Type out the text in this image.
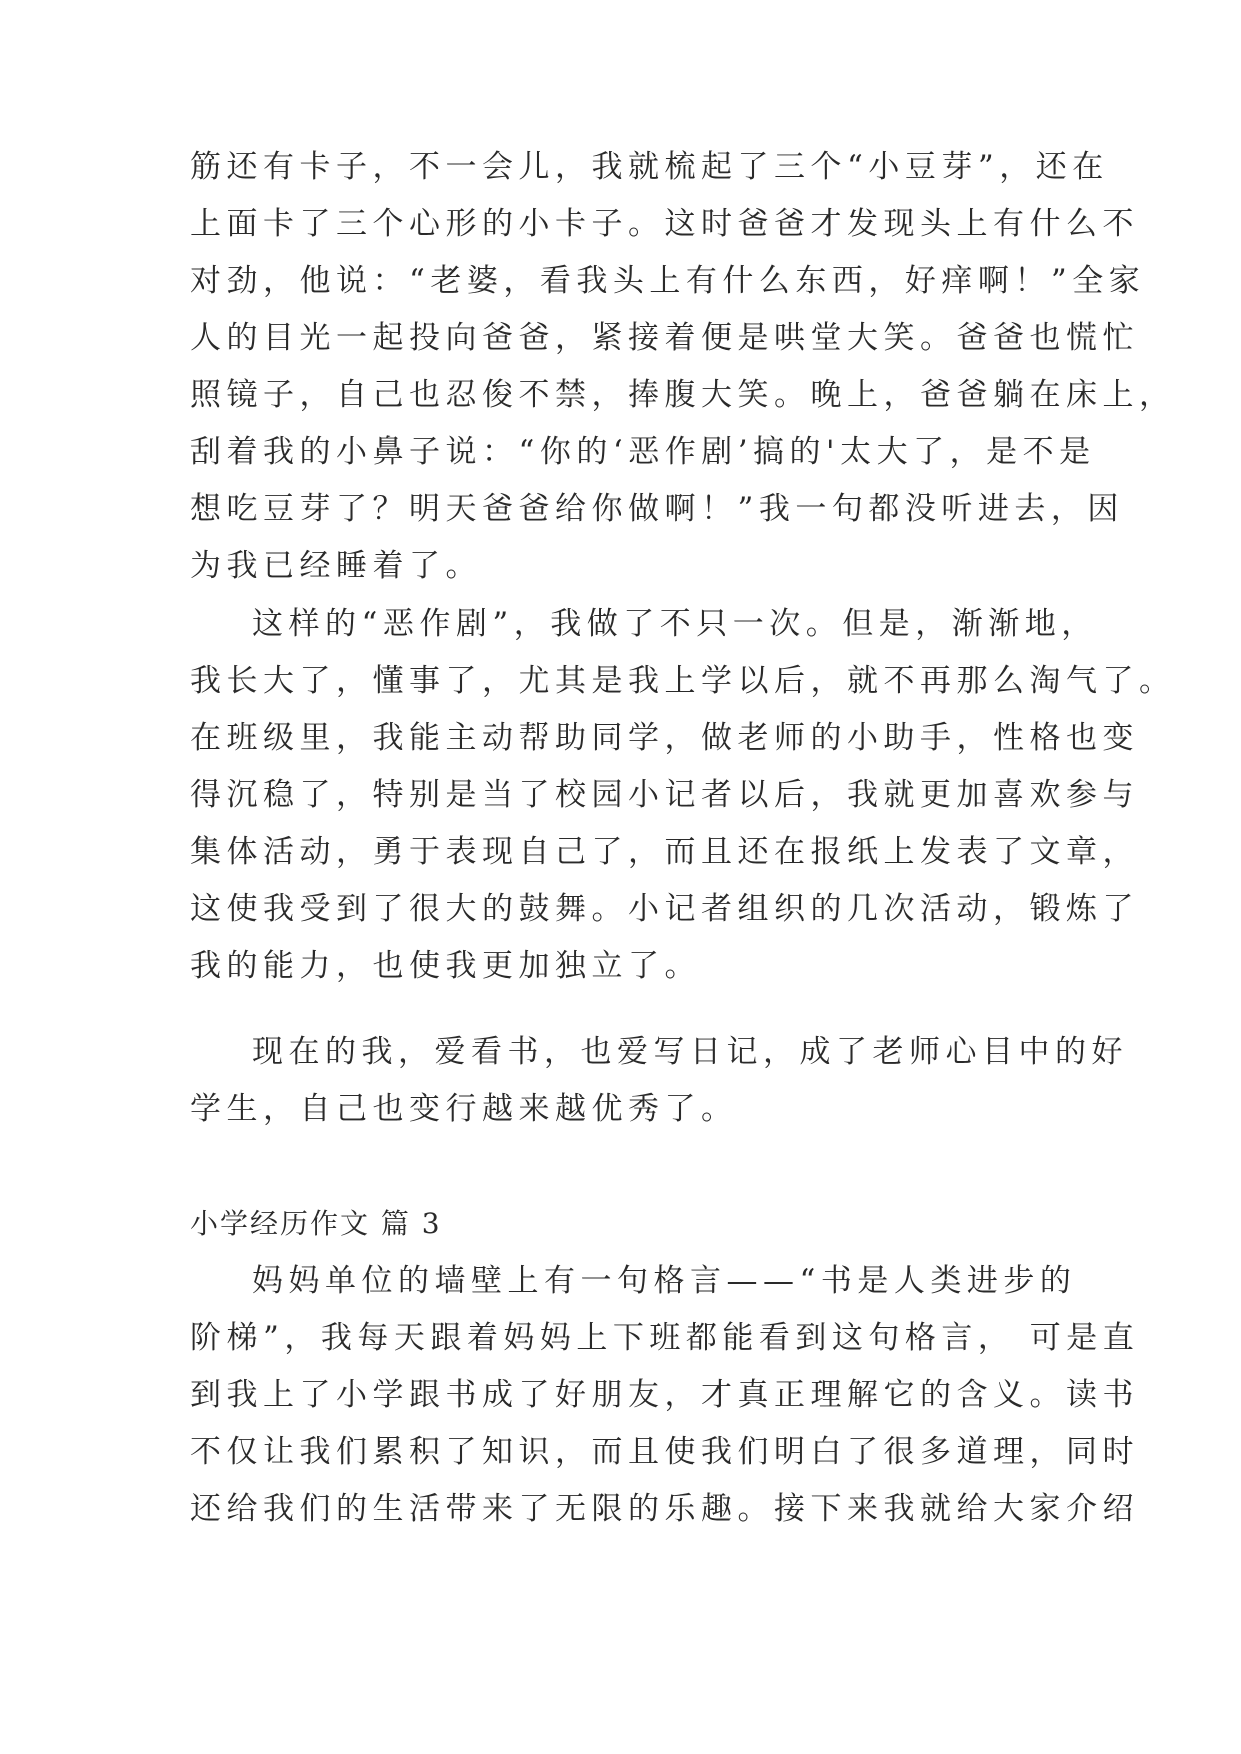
筋还有卡子，不一会儿，我就梳起了三个“小豆芽”，还在
上面卡了三个心形的小卡子。这时爸爸才发现头上有什么不
对劲，他说：“老婆，看我头上有什么东西，好痒啊！”全家
人的目光一起投向爸爸，紧接着便是哄堂大笑。爸爸也慌忙
照镜子，自己也忍俊不禁，捧腹大笑。晚上，爸爸躺在床上，
刮着我的小鼻子说：“你的‘恶作剧’搞的'太大了，是不是
想吃豆芽了？明天爸爸给你做啊！”我一句都没听进去，因
为我已经睡着了。
这样的“恶作剧”，我做了不只一次。但是，渐渐地，
我长大了，懂事了，尤其是我上学以后，就不再那么淘气了。
在班级里，我能主动帮助同学，做老师的小助手，性格也变
得沉稳了，特别是当了校园小记者以后，我就更加喜欢参与
集体活动，勇于表现自己了，而且还在报纸上发表了文章，
这使我受到了很大的鼓舞。小记者组织的几次活动，锻炼了
我的能力，也使我更加独立了。
现在的我，爱看书，也爱写日记，成了老师心目中的好
学生，自己也变行越来越优秀了。
小学经历作文 篇 3
妈妈单位的墙壁上有一句格言——“书是人类进步的
阶梯”，我每天跟着妈妈上下班都能看到这句格言， 可是直
到我上了小学跟书成了好朋友，才真正理解它的含义。读书
不仅让我们累积了知识，而且使我们明白了很多道理，同时
还给我们的生活带来了无限的乐趣。接下来我就给大家介绍
